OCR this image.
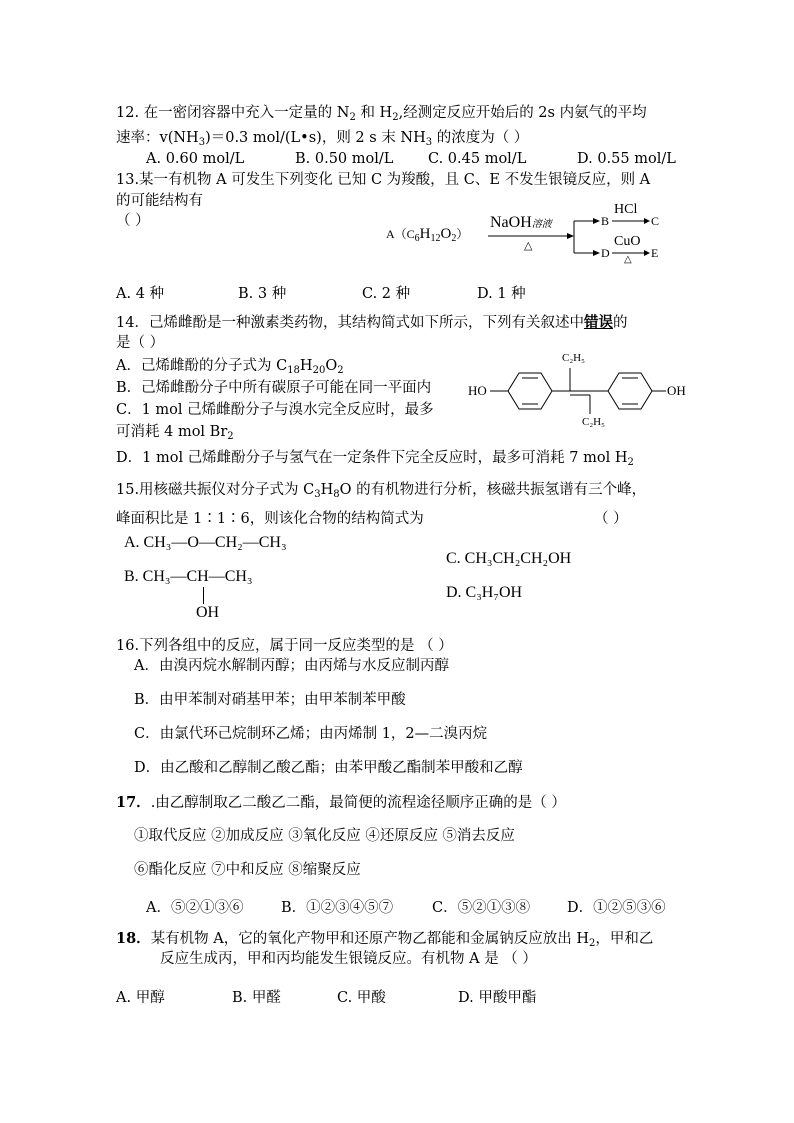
12. 在一密闭容器中充入一定量的 $N_2$ 和 $H_2$,经测定反应开始后的 2s 内氨气的平均
速率：$v(NH_3)=0.3$ mol/(L•s)，则 2 s 末 $NH_3$ 的浓度为（ ）
A. 0.60 mol/L	B. 0.50 mol/L C. 0.45 mol/L	D. 0.55 mol/L
13.某一有机物 A 可发生下列变化 已知 C 为羧酸，且 C、E 不发生银镜反应，则 A
的可能结构有
（ ）
$A(C_6H_{12}O_2)$
NaOH溶液
△
B
HCl
C
D
CuO
△ E
A. 4 种	B. 3 种	C. 2 种	D. 1 种
14．己烯雌酚是一种激素类药物，其结构简式如下所示，下列有关叙述中错误的
是（ ）
A．己烯雌酚的分子式为 $C_{18}H_{20}O_2$
B．己烯雌酚分子中所有碳原子可能在同一平面内
C．1 mol 己烯雌酚分子与溴水完全反应时，最多
可消耗 4 mol $Br_2$
D．1 mol 己烯雌酚分子与氢气在一定条件下完全反应时，最多可消耗 7 mol $H_2$
HO	OH
C₂H₅
C₂H₅
15.用核磁共振仪对分子式为 $C_3H_8O$ 的有机物进行分析，核磁共振氢谱有三个峰，
峰面积比是 1∶1∶6，则该化合物的结构简式为	（ ）
A. CH₃—O—CH₂—CH₃
B. CH₃—CH—CH₃
OH
C. CH₃CH₂CH₂OH
D. C₃H₇OH
16.下列各组中的反应，属于同一反应类型的是 （ ）
A．由溴丙烷水解制丙醇；由丙烯与水反应制丙醇
B．由甲苯制对硝基甲苯；由甲苯制苯甲酸
C．由氯代环己烷制环乙烯；由丙烯制 1，2—二溴丙烷
D．由乙酸和乙醇制乙酸乙酯；由苯甲酸乙酯制苯甲酸和乙醇
17．.由乙醇制取乙二酸乙二酯，最简便的流程途径顺序正确的是（ ）
①取代反应 ②加成反应 ③氧化反应 ④还原反应 ⑤消去反应
⑥酯化反应 ⑦中和反应 ⑧缩聚反应
A．⑤②①③⑥	B．①②③④⑤⑦	C．⑤②①③⑧	D．①②⑤③⑥
18．某有机物 A，它的氧化产物甲和还原产物乙都能和金属钠反应放出 $H_2$，甲和乙
反应生成丙，甲和丙均能发生银镜反应。有机物 A 是 （ ）
A. 甲醇	B. 甲醛	C. 甲酸	D. 甲酸甲酯
